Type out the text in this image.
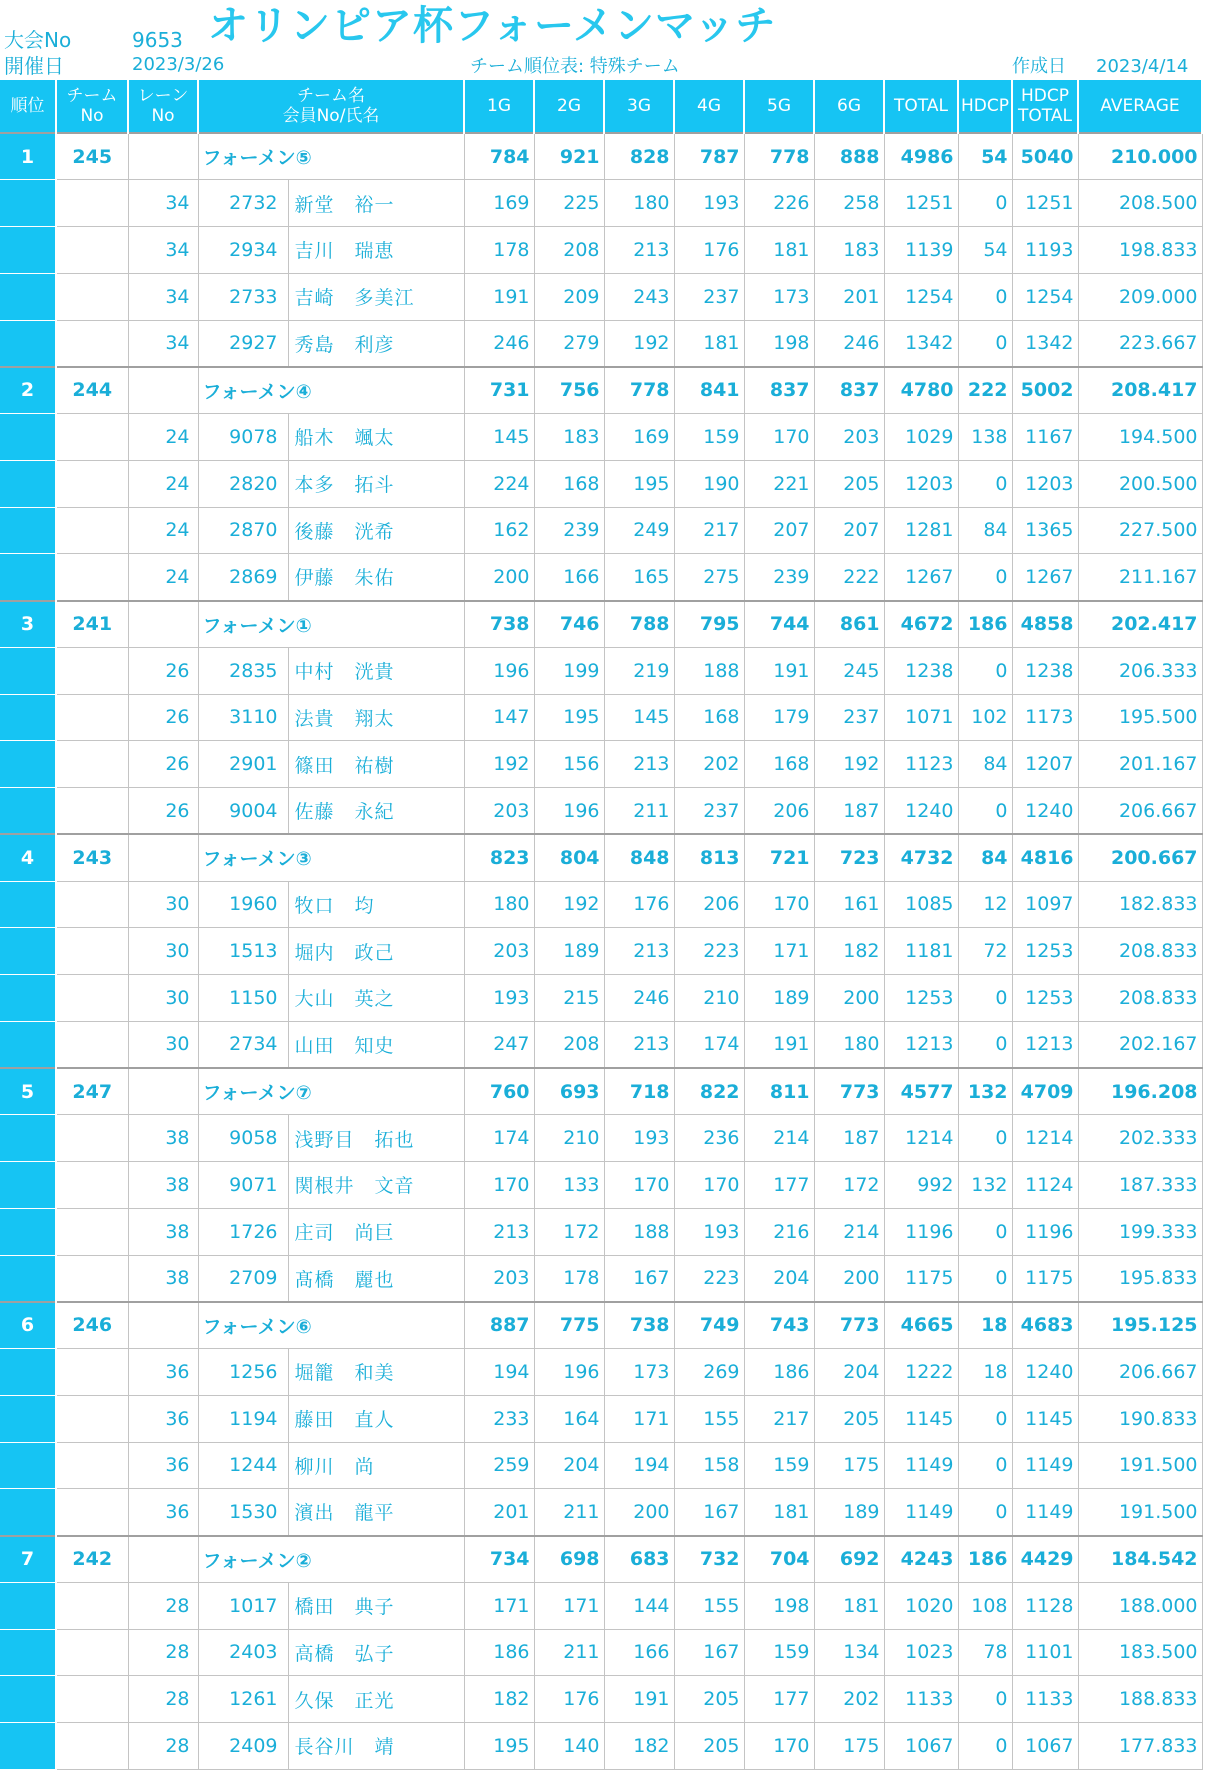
オリンピア杯フォーメンマッチ
大会No	9653
開催日	2023/3/26	チーム順位表: 特殊チーム	作成日 2023/4/14
順位	チーム
No	レーン
No	チーム名
会員No/氏名		1G	2G	3G	4G	5G	6G	TOTAL	HDCP	HDCP
TOTAL	AVERAGE
1	245		フォーメン⑤		784	921	828	787	778	888	4986	54	5040	210.000
		34	2732	新堂　裕一	169	225	180	193	226	258	1251	0	1251	208.500
		34	2934	吉川　瑞恵	178	208	213	176	181	183	1139	54	1193	198.833
		34	2733	吉崎　多美江	191	209	243	237	173	201	1254	0	1254	209.000
		34	2927	秀島　利彦	246	279	192	181	198	246	1342	0	1342	223.667
2	244		フォーメン④		731	756	778	841	837	837	4780	222	5002	208.417
		24	9078	船木　颯太	145	183	169	159	170	203	1029	138	1167	194.500
		24	2820	本多　拓斗	224	168	195	190	221	205	1203	0	1203	200.500
		24	2870	後藤　洸希	162	239	249	217	207	207	1281	84	1365	227.500
		24	2869	伊藤　朱佑	200	166	165	275	239	222	1267	0	1267	211.167
3	241		フォーメン①		738	746	788	795	744	861	4672	186	4858	202.417
		26	2835	中村　洸貴	196	199	219	188	191	245	1238	0	1238	206.333
		26	3110	法貴　翔太	147	195	145	168	179	237	1071	102	1173	195.500
		26	2901	篠田　祐樹	192	156	213	202	168	192	1123	84	1207	201.167
		26	9004	佐藤　永紀	203	196	211	237	206	187	1240	0	1240	206.667
4	243		フォーメン③		823	804	848	813	721	723	4732	84	4816	200.667
		30	1960	牧口　均	180	192	176	206	170	161	1085	12	1097	182.833
		30	1513	堀内　政己	203	189	213	223	171	182	1181	72	1253	208.833
		30	1150	大山　英之	193	215	246	210	189	200	1253	0	1253	208.833
		30	2734	山田　知史	247	208	213	174	191	180	1213	0	1213	202.167
5	247		フォーメン⑦		760	693	718	822	811	773	4577	132	4709	196.208
		38	9058	浅野目　拓也	174	210	193	236	214	187	1214	0	1214	202.333
		38	9071	関根井　文音	170	133	170	170	177	172	992	132	1124	187.333
		38	1726	庄司　尚巨	213	172	188	193	216	214	1196	0	1196	199.333
		38	2709	髙橋　麗也	203	178	167	223	204	200	1175	0	1175	195.833
6	246		フォーメン⑥		887	775	738	749	743	773	4665	18	4683	195.125
		36	1256	堀籠　和美	194	196	173	269	186	204	1222	18	1240	206.667
		36	1194	藤田　直人	233	164	171	155	217	205	1145	0	1145	190.833
		36	1244	柳川　尚	259	204	194	158	159	175	1149	0	1149	191.500
		36	1530	濱出　龍平	201	211	200	167	181	189	1149	0	1149	191.500
7	242		フォーメン②		734	698	683	732	704	692	4243	186	4429	184.542
		28	1017	橋田　典子	171	171	144	155	198	181	1020	108	1128	188.000
		28	2403	高橋　弘子	186	211	166	167	159	134	1023	78	1101	183.500
		28	1261	久保　正光	182	176	191	205	177	202	1133	0	1133	188.833
		28	2409	長谷川　靖	195	140	182	205	170	175	1067	0	1067	177.833
